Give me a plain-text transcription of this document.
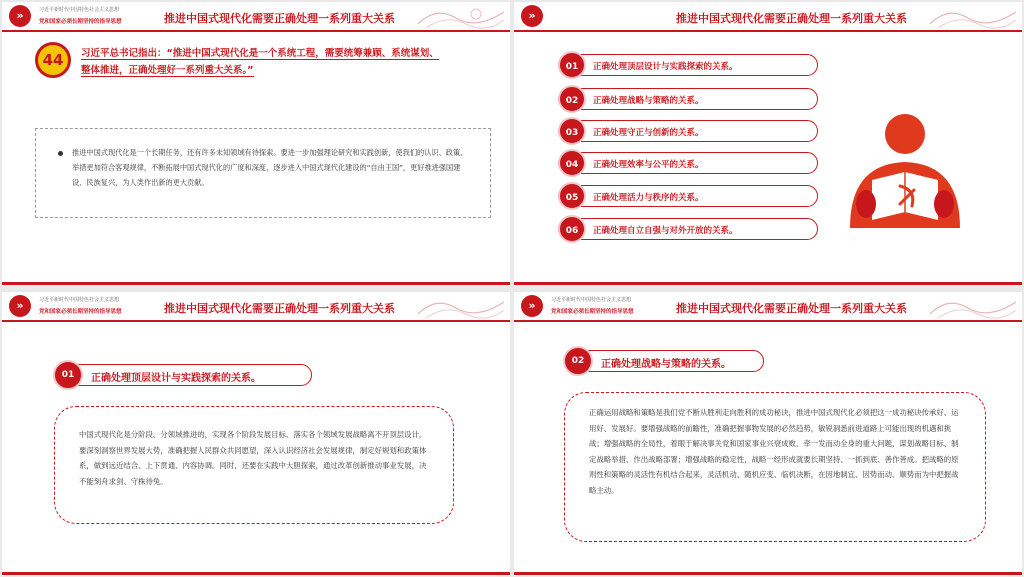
»	习近平新时代中国特色社会主义思想
党和国家必须长期坚持的指导思想	推进中国式现代化需要正确处理一系列重大关系
44	习近平总书记指出：“推进中国式现代化是一个系统工程，需要统筹兼顾、系统谋划、
整体推进，正确处理好一系列重大关系。”

推进中国式现代化是一个长期任务，还有许多未知领域有待探索。要进一步加强理论研究和实践创新，使我们的认识、政策、举措更加符合客观规律，不断拓展中国式现代化的广度和深度，逐步进入中国式现代化建设的“自由王国”，更好推进强国建设、民族复兴，为人类作出新的更大贡献。

»	推进中国式现代化需要正确处理一系列重大关系
01	正确处理顶层设计与实践探索的关系。
02	正确处理战略与策略的关系。
03	正确处理守正与创新的关系。
04	正确处理效率与公平的关系。
05	正确处理活力与秩序的关系。
06	正确处理自立自强与对外开放的关系。
»	习近平新时代中国特色社会主义思想
党和国家必须长期坚持的指导思想	推进中国式现代化需要正确处理一系列重大关系
01	正确处理顶层设计与实践探索的关系。

中国式现代化是分阶段、分领域推进的，实现各个阶段发展目标、落实各个领域发展战略离不开顶层设计。要深刻洞察世界发展大势，准确把握人民群众共同愿望，深入认识经济社会发展规律，制定好规划和政策体系，做到远近结合、上下贯通、内容协调。同时，还要在实践中大胆探索，通过改革创新推动事业发展，决不能刻舟求剑、守株待兔。

»	习近平新时代中国特色社会主义思想
党和国家必须长期坚持的指导思想	推进中国式现代化需要正确处理一系列重大关系
02	正确处理战略与策略的关系。

正确运用战略和策略是我们党不断从胜利走向胜利的成功秘诀，推进中国式现代化必须把这一成功秘诀传承好、运用好、发展好。要增强战略的前瞻性，准确把握事物发展的必然趋势，敏锐洞悉前进道路上可能出现的机遇和挑战；增强战略的全局性，着眼于解决事关党和国家事业兴衰成败、牵一发而动全身的重大问题，谋划战略目标、制定战略举措、作出战略部署；增强战略的稳定性，战略一经形成就要长期坚持、一抓到底、善作善成。把战略的原则性和策略的灵活性有机结合起来，灵活机动、随机应变、临机决断，在因地制宜、因势而动、顺势而为中把握战略主动。
